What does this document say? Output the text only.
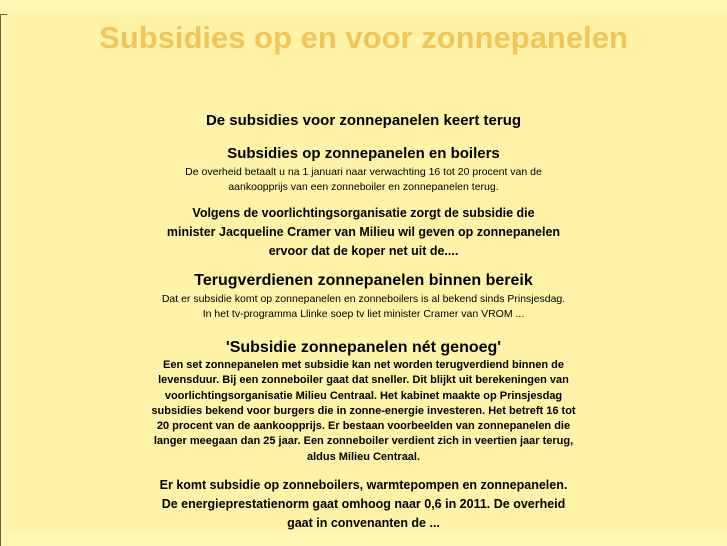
Subsidies op en voor zonnepanelen
De subsidies voor zonnepanelen keert terug
Subsidies op zonnepanelen en boilers
De overheid betaalt u na 1 januari naar verwachting 16 tot 20 procent van de
aankoopprijs van een zonneboiler en zonnepanelen terug.
Volgens de voorlichtingsorganisatie zorgt de subsidie die
minister Jacqueline Cramer van Milieu wil geven op zonnepanelen
ervoor dat de koper net uit de....
Terugverdienen zonnepanelen binnen bereik
Dat er subsidie komt op zonnepanelen en zonneboilers is al bekend sinds Prinsjesdag.
In het tv-programma Llinke soep tv liet minister Cramer van VROM ...
'Subsidie zonnepanelen nét genoeg'
Een set zonnepanelen met subsidie kan net worden terugverdiend binnen de
levensduur. Bij een zonneboiler gaat dat sneller. Dit blijkt uit berekeningen van
voorlichtingsorganisatie Milieu Centraal. Het kabinet maakte op Prinsjesdag
subsidies bekend voor burgers die in zonne-energie investeren. Het betreft 16 tot
20 procent van de aankoopprijs. Er bestaan voorbeelden van zonnepanelen die
langer meegaan dan 25 jaar. Een zonneboiler verdient zich in veertien jaar terug,
aldus Milieu Centraal.
Er komt subsidie op zonneboilers, warmtepompen en zonnepanelen.
De energieprestatienorm gaat omhoog naar 0,6 in 2011. De overheid
gaat in convenanten de ...
